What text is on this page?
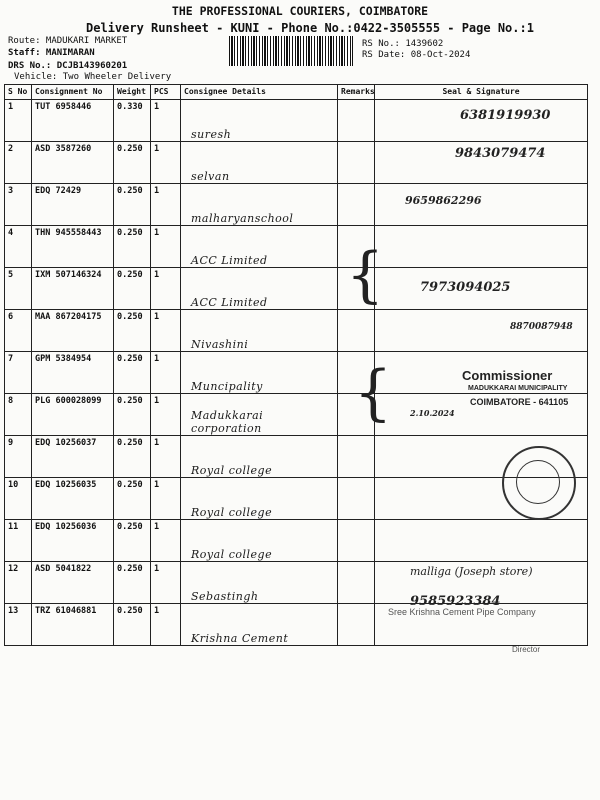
THE PROFESSIONAL COURIERS, COIMBATORE
Delivery Runsheet - KUNI - Phone No.:0422-3505555 - Page No.:1
Route: MADUKARI MARKET
Staff: MANIMARAN
DRS No.: DCJB143960201
Vehicle: Two Wheeler Delivery
RS No.: 1439602
RS Date: 08-Oct-2024
S No	Consignment No	Weight	PCS	Consignee Details	Remarks	Seal & Signature
1	TUT 6958446	0.330	1	suresh		6381919930

2	ASD 3587260	0.250	1	selvan		9843079474

3	EDQ 72429	0.250	1	malharyanschool		9659862296

4	THN 945558443	0.250	1	ACC Limited		

5	IXM 507146324	0.250	1	ACC Limited		7973094025

6	MAA 867204175	0.250	1	Nivashini		8870087948

7	GPM 5384954	0.250	1	Muncipality		

8	PLG 600028099	0.250	1	Madukkarai corporation		2.10.2024

9	EDQ 10256037	0.250	1	Royal college		

10	EDQ 10256035	0.250	1	Royal college		

11	EDQ 10256036	0.250	1	Royal college		

12	ASD 5041822	0.250	1	Sebastingh		9585923384

13	TRZ 61046881	0.250	1	Krishna Cement		

{
{	Commissioner
MADUKKARAI MUNICIPALITY
COIMBATORE - 641105
Sree Krishna Cement Pipe Company
Director
malliga (Joseph store)
